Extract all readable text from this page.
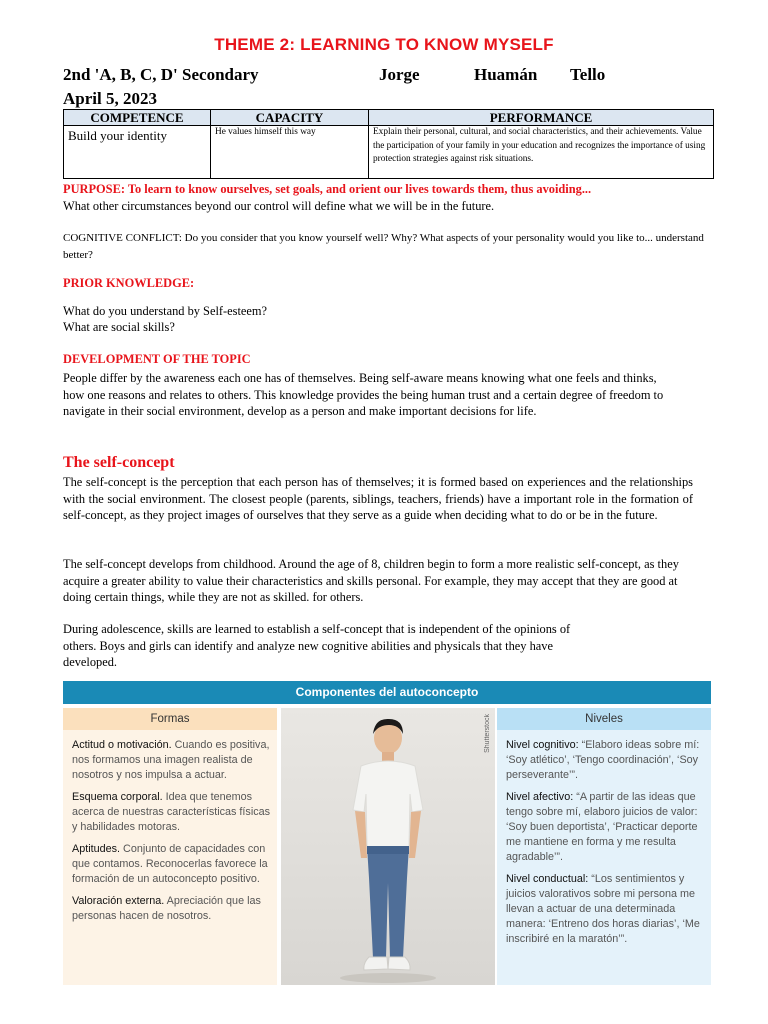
THEME 2: LEARNING TO KNOW MYSELF
2nd 'A, B, C, D' Secondary	Jorge	Huamán Tello
April 5, 2023
COMPETENCE	CAPACITY	PERFORMANCE

Build your identity	He values himself this way	Explain their personal, cultural, and social characteristics, and their achievements. Value the participation of your family in your education and recognizes the importance of using protection strategies against risk situations.
PURPOSE: To learn to know ourselves, set goals, and orient our lives towards them, thus avoiding...
What other circumstances beyond our control will define what we will be in the future.
COGNITIVE CONFLICT: Do you consider that you know yourself well? Why? What aspects of your personality would you like to... understand better?
PRIOR KNOWLEDGE:
What do you understand by Self-esteem?
What are social skills?
DEVELOPMENT OF THE TOPIC
People differ by the awareness each one has of themselves. Being self-aware means knowing what one feels and thinks, how one reasons and relates to others. This knowledge provides the being human trust and a certain degree of freedom to navigate in their social environment, develop as a person and make important decisions for life.
The self-concept
The self-concept is the perception that each person has of themselves; it is formed based on experiences and the relationships with the social environment. The closest people (parents, siblings, teachers, friends) have a important role in the formation of self-concept, as they project images of ourselves that they serve as a guide when deciding what to do or be in the future.
The self-concept develops from childhood. Around the age of 8, children begin to form a more realistic self-concept, as they acquire a greater ability to value their characteristics and skills personal. For example, they may accept that they are good at doing certain things, while they are not as skilled. for others.
During adolescence, skills are learned to establish a self-concept that is independent of the opinions of others. Boys and girls can identify and analyze new cognitive abilities and physicals that they have developed.
Componentes del autoconcepto
Formas

Actitud o motivación. Cuando es positiva, nos formamos una imagen realista de nosotros y nos impulsa a actuar.

Esquema corporal. Idea que tenemos acerca de nuestras características físicas y habilidades motoras.

Aptitudes. Conjunto de capacidades con que contamos. Reconocerlas favorece la formación de un autoconcepto positivo.

Valoración externa. Apreciación que las personas hacen de nosotros.

Shutterstock	Niveles

Nivel cognitivo: “Elaboro ideas sobre mí: ‘Soy atlético’, ‘Tengo coordinación’, ‘Soy perseverante’”.

Nivel afectivo: “A partir de las ideas que tengo sobre mí, elaboro juicios de valor: ‘Soy buen deportista’, ‘Practicar deporte me mantiene en forma y me resulta agradable’”.

Nivel conductual: “Los sentimientos y juicios valorativos sobre mi persona me llevan a actuar de una determinada manera: ‘Entreno dos horas diarias’, ‘Me inscribiré en la maratón’”.
